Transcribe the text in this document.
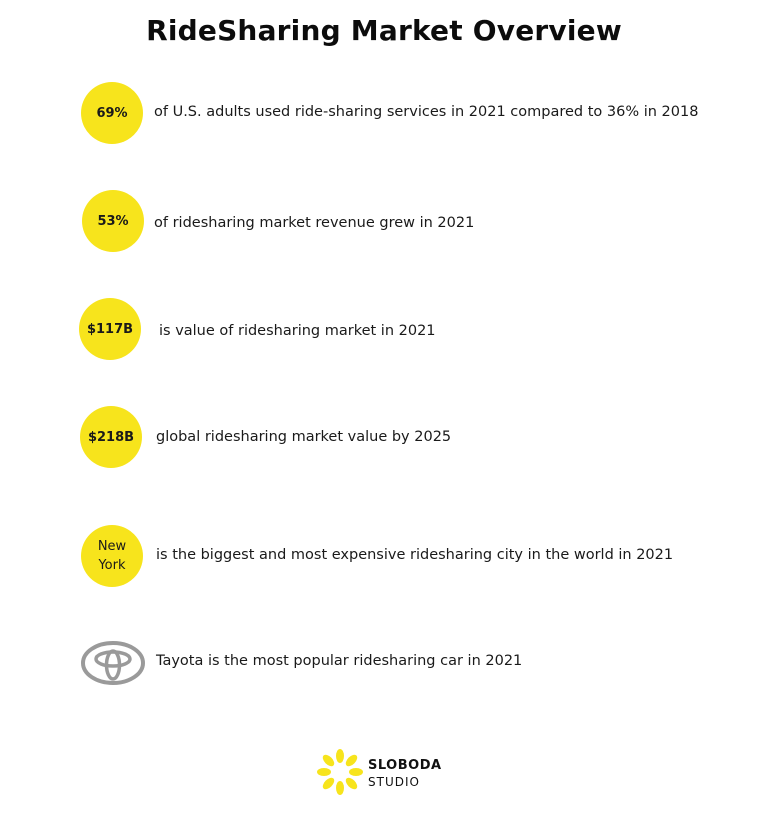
RideSharing Market Overview
69%	of U.S. adults used ride-sharing services in 2021 compared to 36% in 2018
53%	of ridesharing market revenue grew in 2021
$117B	is value of ridesharing market in 2021
$218B	global ridesharing market value by 2025
New
York
is the biggest and most expensive ridesharing city in the world in 2021
Tayota is the most popular ridesharing car in 2021
SLOBODA
STUDIO
